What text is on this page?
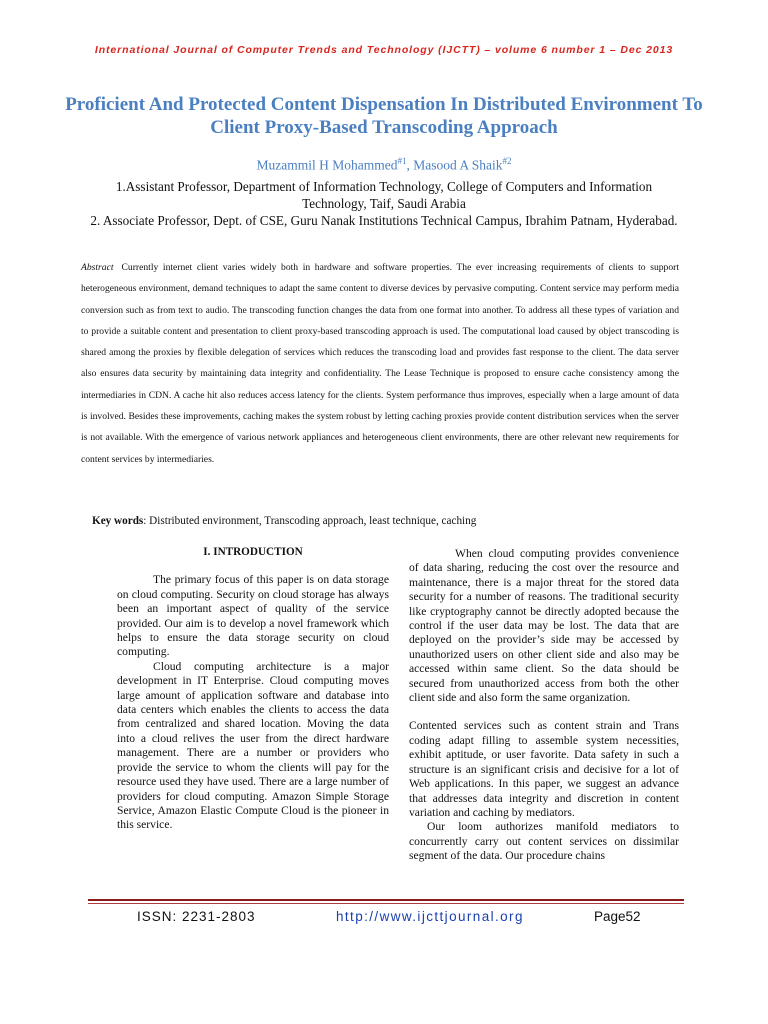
International Journal of Computer Trends and Technology (IJCTT) – volume 6 number 1 – Dec 2013
Proficient And Protected Content Dispensation In Distributed Environment To Client Proxy-Based Transcoding Approach
Muzammil H Mohammed$^{\#1}$, Masood A Shaik$^{\#2}$
1.Assistant Professor, Department of Information Technology, College of Computers and Information Technology, Taif, Saudi Arabia
2. Associate Professor, Dept. of CSE, Guru Nanak Institutions Technical Campus, Ibrahim Patnam, Hyderabad.
Abstract Currently internet client varies widely both in hardware and software properties. The ever increasing requirements of clients to support heterogeneous environment, demand techniques to adapt the same content to diverse devices by pervasive computing. Content service may perform media conversion such as from text to audio. The transcoding function changes the data from one format into another. To address all these types of variation and to provide a suitable content and presentation to client proxy-based transcoding approach is used. The computational load caused by object transcoding is shared among the proxies by flexible delegation of services which reduces the transcoding load and provides fast response to the client. The data server also ensures data security by maintaining data integrity and confidentiality. The Lease Technique is proposed to ensure cache consistency among the intermediaries in CDN. A cache hit also reduces access latency for the clients. System performance thus improves, especially when a large amount of data is involved. Besides these improvements, caching makes the system robust by letting caching proxies provide content distribution services when the server is not available. With the emergence of various network appliances and heterogeneous client environments, there are other relevant new requirements for content services by intermediaries.
Key words: Distributed environment, Transcoding approach, least technique, caching
I. INTRODUCTION

The primary focus of this paper is on data storage on cloud computing. Security on cloud storage has always been an important aspect of quality of the service provided. Our aim is to develop a novel framework which helps to ensure the data storage security on cloud computing.

Cloud computing architecture is a major development in IT Enterprise. Cloud computing moves large amount of application software and database into data centers which enables the clients to access the data from centralized and shared location. Moving the data into a cloud relives the user from the direct hardware management. There are a number or providers who provide the service to whom the clients will pay for the resource used they have used. There are a large number of providers for cloud computing. Amazon Simple Storage Service, Amazon Elastic Compute Cloud is the pioneer in this service.

When cloud computing provides convenience of data sharing, reducing the cost over the resource and maintenance, there is a major threat for the stored data security for a number of reasons. The traditional security like cryptography cannot be directly adopted because the control if the user data may be lost. The data that are deployed on the provider’s side may be accessed by unauthorized users on other client side and also may be accessed within same client. So the data should be secured from unauthorized access from both the other client side and also form the same organization.

Contented services such as content strain and Trans coding adapt filling to assemble system necessities, exhibit aptitude, or user favorite. Data safety in such a structure is an significant crisis and decisive for a lot of Web applications. In this paper, we suggest an advance that addresses data integrity and discretion in content variation and caching by mediators.

Our loom authorizes manifold mediators to concurrently carry out content services on dissimilar segment of the data. Our procedure chains

ISSN: 2231-2803	http://www.ijcttjournal.org	Page52
